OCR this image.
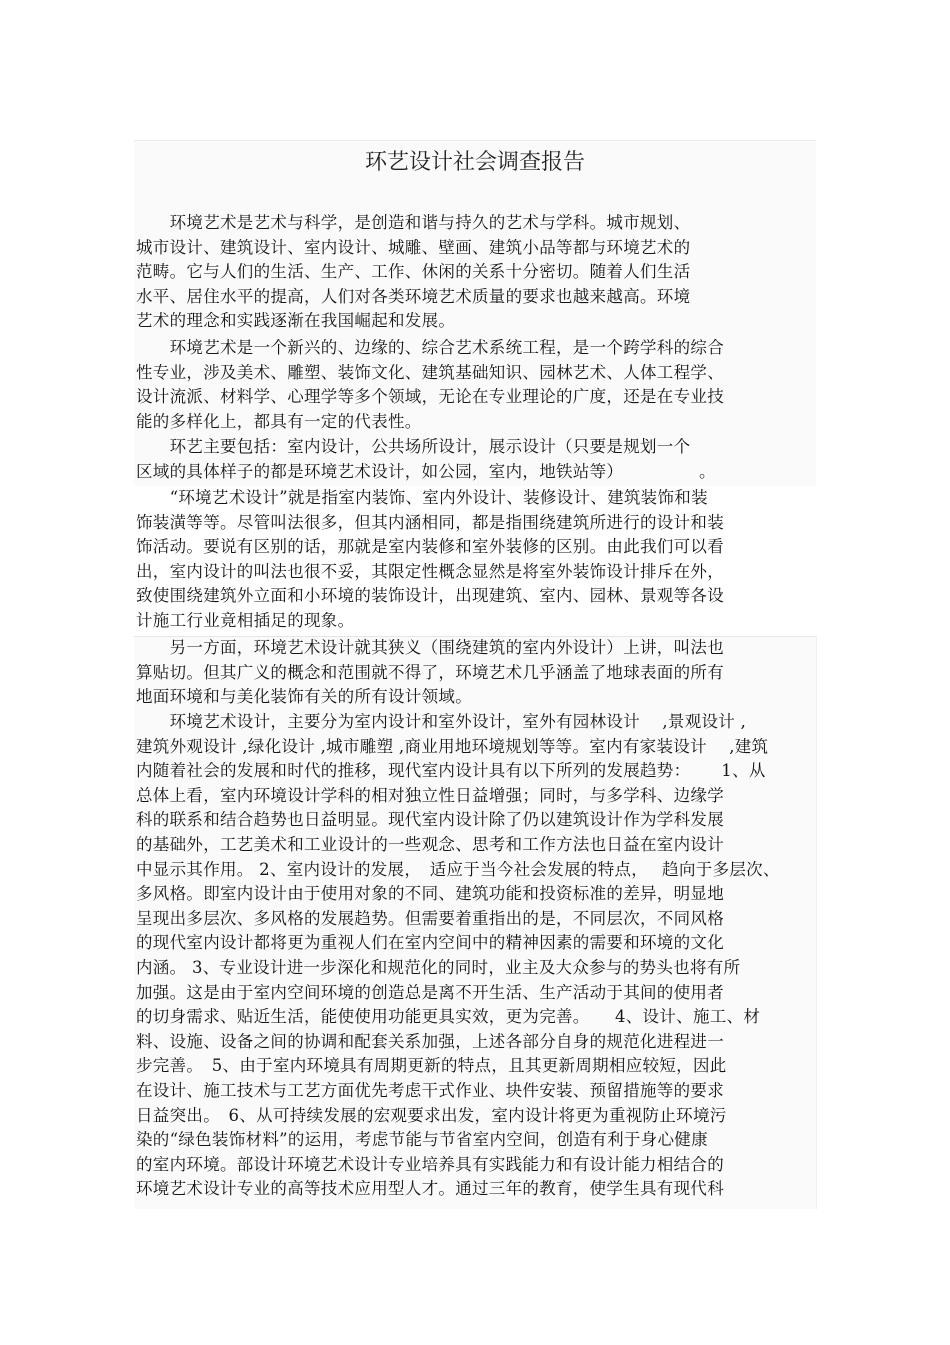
环艺设计社会调查报告

　　环境艺术是艺术与科学，是创造和谐与持久的艺术与学科。城市规划、
城市设计、建筑设计、室内设计、城雕、壁画、建筑小品等都与环境艺术的
范畴。它与人们的生活、生产、工作、休闲的关系十分密切。随着人们生活
水平、居住水平的提高，人们对各类环境艺术质量的要求也越来越高。环境
艺术的理念和实践逐渐在我国崛起和发展。

　　环境艺术是一个新兴的、边缘的、综合艺术系统工程，是一个跨学科的综合
性专业，涉及美术、雕塑、装饰文化、建筑基础知识、园林艺术、人体工程学、
设计流派、材料学、心理学等多个领域，无论在专业理论的广度，还是在专业技
能的多样化上，都具有一定的代表性。

　　环艺主要包括：室内设计，公共场所设计，展示设计（只要是规划一个
区域的具体样子的都是环境艺术设计，如公园，室内，地铁站等）　　　　　。

　　“环境艺术设计”就是指室内装饰、室内外设计、装修设计、建筑装饰和装
饰装潢等等。尽管叫法很多，但其内涵相同，都是指围绕建筑所进行的设计和装
饰活动。要说有区别的话，那就是室内装修和室外装修的区别。由此我们可以看
出，室内设计的叫法也很不妥，其限定性概念显然是将室外装饰设计排斥在外，
致使围绕建筑外立面和小环境的装饰设计，出现建筑、室内、园林、景观等各设
计施工行业竟相插足的现象。

　　另一方面，环境艺术设计就其狭义（围绕建筑的室内外设计）上讲，叫法也
算贴切。但其广义的概念和范围就不得了，环境艺术几乎涵盖了地球表面的所有
地面环境和与美化装饰有关的所有设计领域。

　　环境艺术设计，主要分为室内设计和室外设计，室外有园林设计　 ,景观设计 ,
建筑外观设计 ,绿化设计 ,城市雕塑 ,商业用地环境规划等等。室内有家装设计　 ,建筑
内随着社会的发展和时代的推移，现代室内设计具有以下所列的发展趋势：　　 1、从
总体上看，室内环境设计学科的相对独立性日益增强；同时，与多学科、边缘学
科的联系和结合趋势也日益明显。现代室内设计除了仍以建筑设计作为学科发展
的基础外，工艺美术和工业设计的一些观念、思考和工作方法也日益在室内设计
中显示其作用。 2、室内设计的发展，　适应于当今社会发展的特点，　 趋向于多层次、
多风格。即室内设计由于使用对象的不同、建筑功能和投资标准的差异，明显地
呈现出多层次、多风格的发展趋势。但需要着重指出的是，不同层次，不同风格
的现代室内设计都将更为重视人们在室内空间中的精神因素的需要和环境的文化
内涵。 3、专业设计进一步深化和规范化的同时，业主及大众参与的势头也将有所
加强。这是由于室内空间环境的创造总是离不开生活、生产活动于其间的使用者
的切身需求、贴近生活，能使使用功能更具实效，更为完善。　　4、设计、施工、材
料、设施、设备之间的协调和配套关系加强，上述各部分自身的规范化进程进一
步完善。　5、由于室内环境具有周期更新的特点，且其更新周期相应较短，因此
在设计、施工技术与工艺方面优先考虑干式作业、块件安装、预留措施等的要求
日益突出。　6、从可持续发展的宏观要求出发，室内设计将更为重视防止环境污
染的“绿色装饰材料”的运用，考虑节能与节省室内空间，创造有利于身心健康
的室内环境。部设计环境艺术设计专业培养具有实践能力和有设计能力相结合的
环境艺术设计专业的高等技术应用型人才。通过三年的教育，使学生具有现代科
